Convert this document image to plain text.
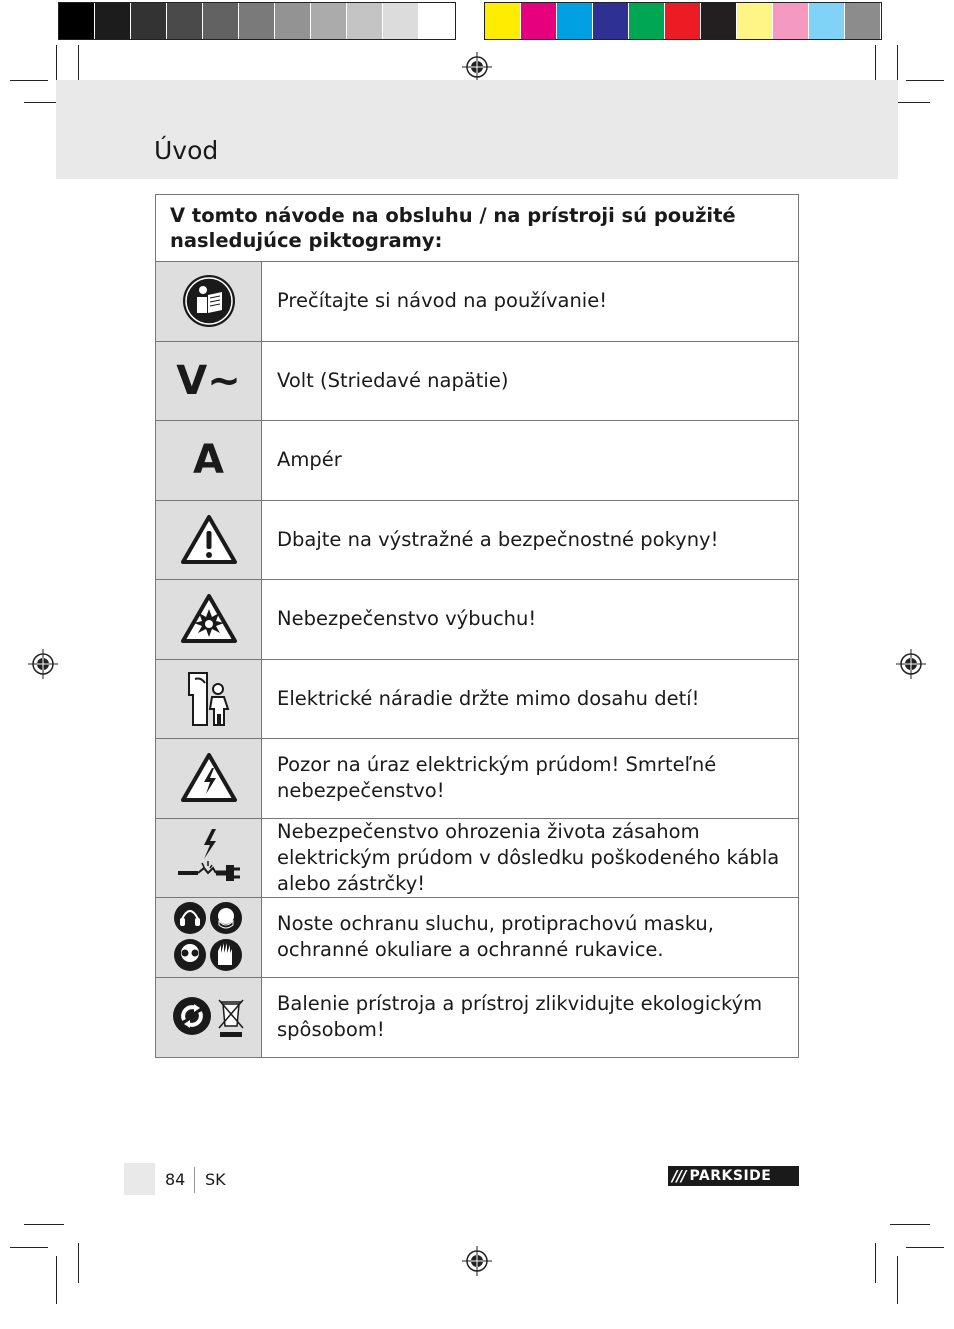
Úvod
V tomto návode na obsluhu / na prístroji sú použité nasledujúce piktogramy:
Prečítajte si návod na používanie!
V~	Volt (Striedavé napätie)
A	Ampér
Dbajte na výstražné a bezpečnostné pokyny!
Nebezpečenstvo výbuchu!
Elektrické náradie držte mimo dosahu detí!
Pozor na úraz elektrickým prúdom! Smrteľné nebezpečenstvo!
Nebezpečenstvo ohrozenia života zásahom elektrickým prúdom v dôsledku poškodeného kábla alebo zástrčky!
Noste ochranu sluchu, protiprachovú masku, ochranné okuliare a ochranné rukavice.
Balenie prístroja a prístroj zlikvidujte ekologickým spôsobom!
84 SK	/// PARKSIDE
